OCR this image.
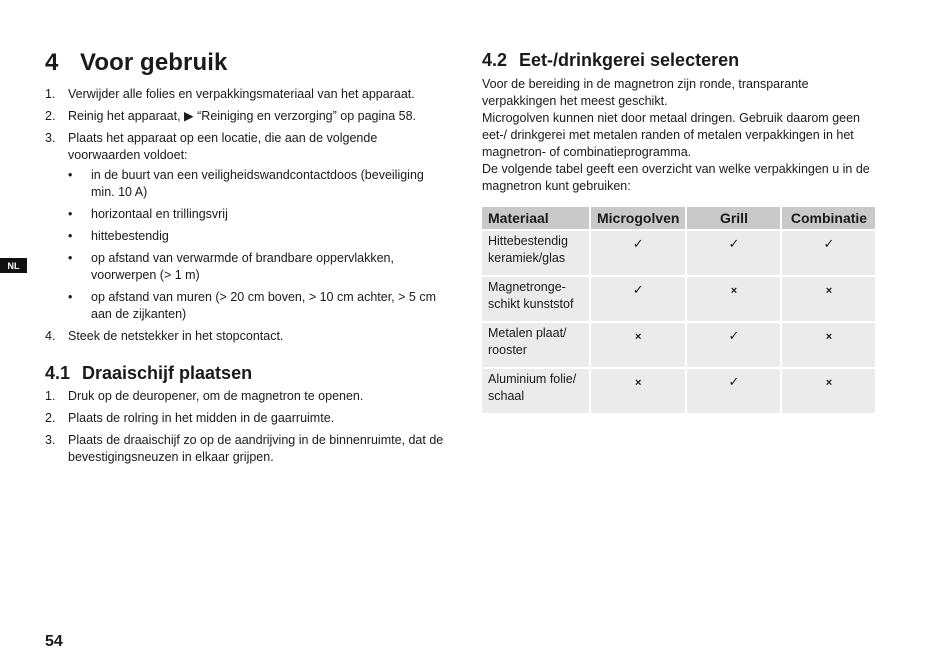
NL
4 Voor gebruik
1. Verwijder alle folies en verpakkingsmateriaal van het apparaat.
2. Reinig het apparaat, ▶ “Reiniging en verzorging” op pagina 58.
3. Plaats het apparaat op een locatie, die aan de volgende voorwaarden voldoet:
• in de buurt van een veiligheidswandcontactdoos (beveiliging min. 10 A)
• horizontaal en trillingsvrij
• hittebestendig
• op afstand van verwarmde of brandbare oppervlakken, voorwerpen (> 1 m)
• op afstand van muren (> 20 cm boven, > 10 cm achter, > 5 cm aan de zijkanten)
4. Steek de netstekker in het stopcontact.
4.1 Draaischijf plaatsen
1. Druk op de deuropener, om de magnetron te openen.
2. Plaats de rolring in het midden in de gaarruimte.
3. Plaats de draaischijf zo op de aandrijving in de binnenruimte, dat de bevestigingsneuzen in elkaar grijpen.
4.2 Eet-/drinkgerei selecteren

Voor de bereiding in de magnetron zijn ronde, transparante verpakkingen het meest geschikt.

Microgolven kunnen niet door metaal dringen. Gebruik daarom geen eet-/ drinkgerei met metalen randen of metalen verpakkingen in het magnetron- of combinatieprogramma.

De volgende tabel geeft een overzicht van welke verpakkingen u in de magnetron kunt gebruiken:

Materiaal	Microgolven	Grill	Combinatie
Hittebestendig keramiek/glas	✓	✓	✓
Magnetronge-schikt kunststof	✓	×	×
Metalen plaat/ rooster	×	✓	×
Aluminium folie/ schaal	×	✓	×
54
